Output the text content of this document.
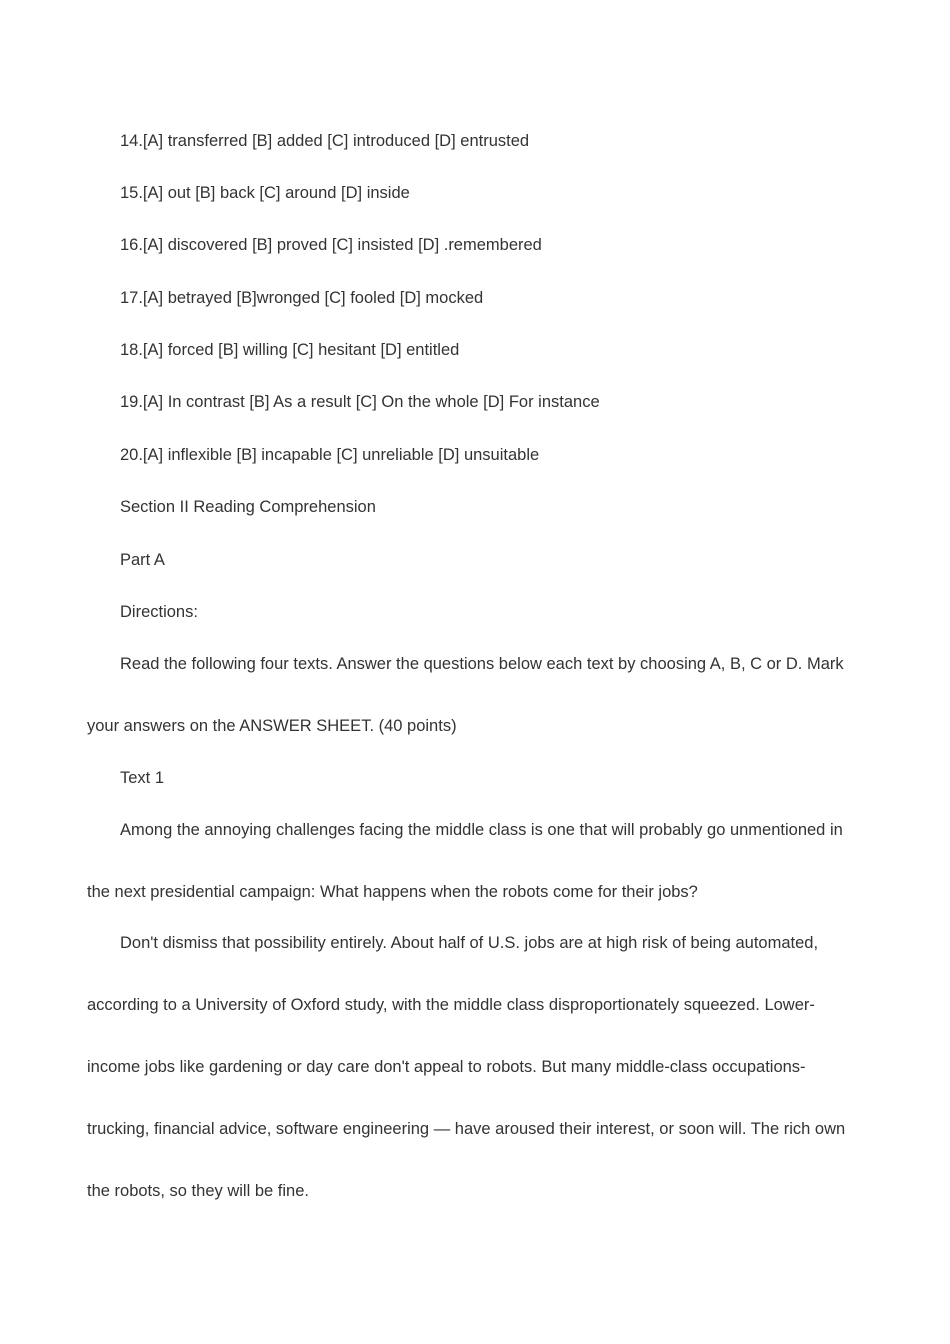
14.[A] transferred [B] added [C] introduced [D] entrusted
15.[A] out [B] back [C] around [D] inside
16.[A] discovered [B] proved [C] insisted [D] .remembered
17.[A] betrayed [B]wronged [C] fooled [D] mocked
18.[A] forced [B] willing [C] hesitant [D] entitled
19.[A] In contrast [B] As a result [C] On the whole [D] For instance
20.[A] inflexible [B] incapable [C] unreliable [D] unsuitable
Section II Reading Comprehension
Part A
Directions:
Read the following four texts. Answer the questions below each text by choosing A, B, C or D. Mark
your answers on the ANSWER SHEET. (40 points)
Text 1
Among the annoying challenges facing the middle class is one that will probably go unmentioned in
the next presidential campaign: What happens when the robots come for their jobs?
Don't dismiss that possibility entirely. About half of U.S. jobs are at high risk of being automated,
according to a University of Oxford study, with the middle class disproportionately squeezed. Lower-
income jobs like gardening or day care don't appeal to robots. But many middle-class occupations-
trucking, financial advice, software engineering — have aroused their interest, or soon will. The rich own
the robots, so they will be fine.
